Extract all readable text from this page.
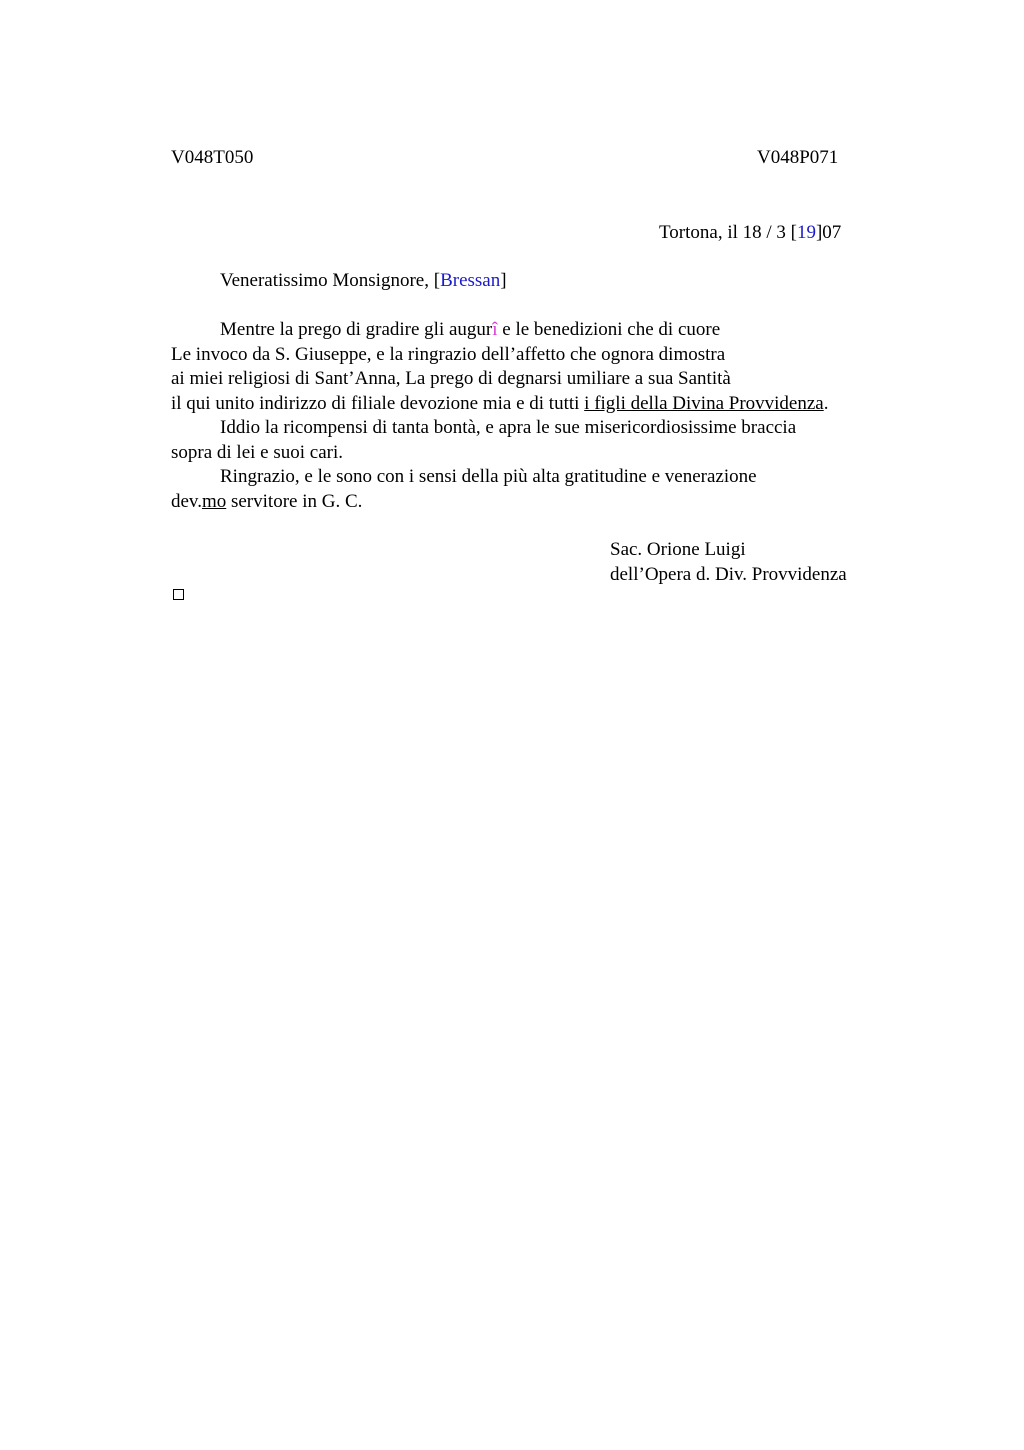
V048T050	V048P071
Tortona, il 18 / 3 [19]07
Veneratissimo Monsignore, [Bressan]
Mentre la prego di gradire gli augurî e le benedizioni che di cuore
Le invoco da S. Giuseppe, e la ringrazio dell’affetto che ognora dimostra
ai miei religiosi di Sant’Anna, La prego di degnarsi umiliare a sua Santità
il qui unito indirizzo di filiale devozione mia e di tutti i figli della Divina Provvidenza.
Iddio la ricompensi di tanta bontà, e apra le sue misericordiosissime braccia
sopra di lei e suoi cari.
Ringrazio, e le sono con i sensi della più alta gratitudine e venerazione
dev.mo servitore in G. C.
Sac. Orione Luigi
dell’Opera d. Div. Provvidenza
